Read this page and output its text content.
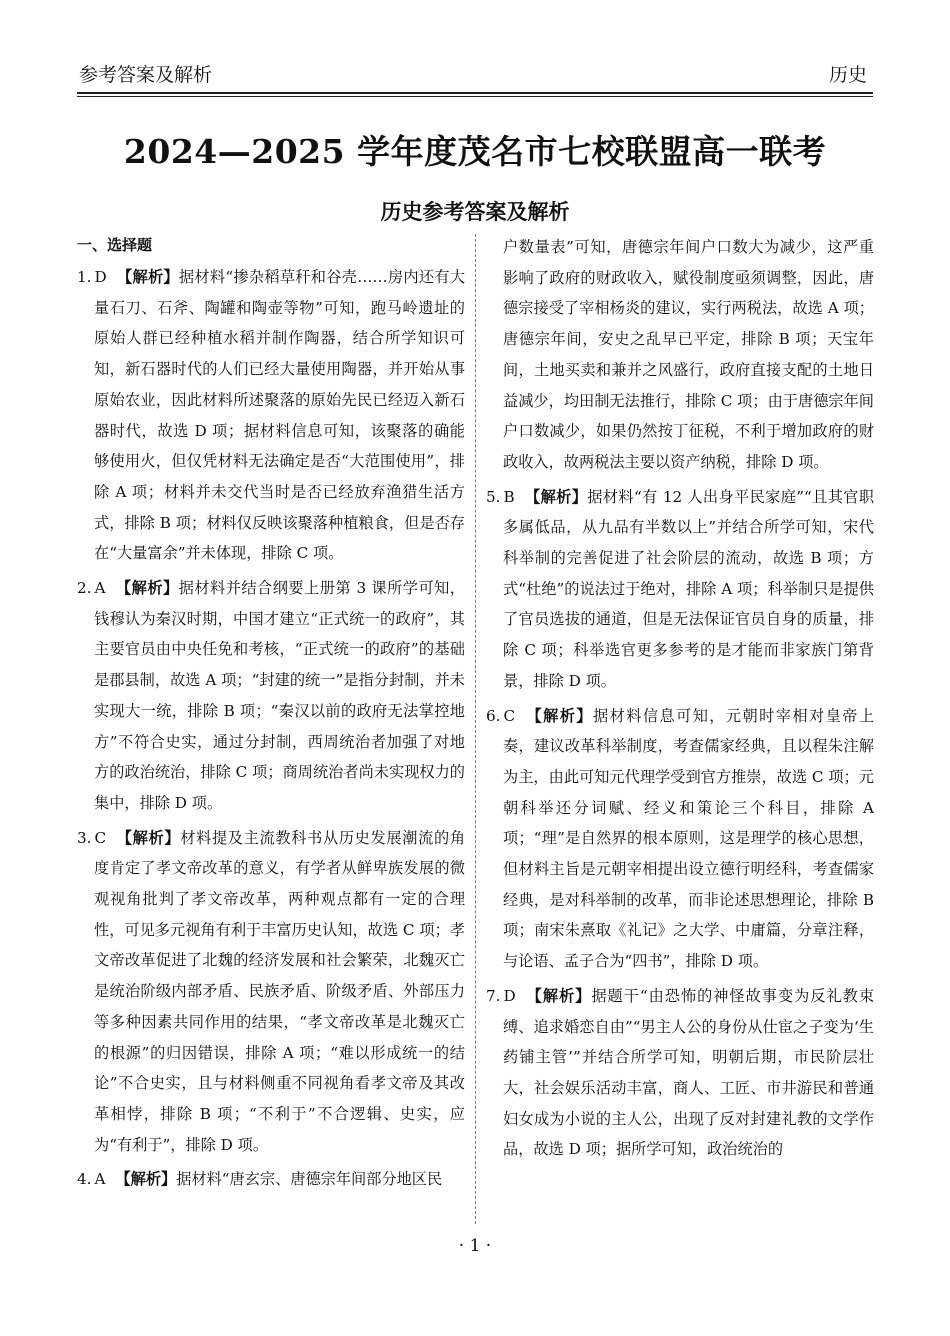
参考答案及解析	历史
2024—2025 学年度茂名市七校联盟高一联考
历史参考答案及解析
一、选择题
1. D 【解析】据材料“掺杂稻草秆和谷壳……房内还有大量石刀、石斧、陶罐和陶壶等物”可知，跑马岭遗址的原始人群已经种植水稻并制作陶器，结合所学知识可知，新石器时代的人们已经大量使用陶器，并开始从事原始农业，因此材料所述聚落的原始先民已经迈入新石器时代，故选 D 项；据材料信息可知，该聚落的确能够使用火，但仅凭材料无法确定是否“大范围使用”，排除 A 项；材料并未交代当时是否已经放弃渔猎生活方式，排除 B 项；材料仅反映该聚落种植粮食，但是否存在“大量富余”并未体现，排除 C 项。
2. A 【解析】据材料并结合纲要上册第 3 课所学可知，钱穆认为秦汉时期，中国才建立“正式统一的政府”，其主要官员由中央任免和考核，“正式统一的政府”的基础是郡县制，故选 A 项；“封建的统一”是指分封制，并未实现大一统，排除 B 项；“秦汉以前的政府无法掌控地方”不符合史实，通过分封制，西周统治者加强了对地方的政治统治，排除 C 项；商周统治者尚未实现权力的集中，排除 D 项。
3. C 【解析】材料提及主流教科书从历史发展潮流的角度肯定了孝文帝改革的意义，有学者从鲜卑族发展的微观视角批判了孝文帝改革，两种观点都有一定的合理性，可见多元视角有利于丰富历史认知，故选 C 项；孝文帝改革促进了北魏的经济发展和社会繁荣，北魏灭亡是统治阶级内部矛盾、民族矛盾、阶级矛盾、外部压力等多种因素共同作用的结果，“孝文帝改革是北魏灭亡的根源”的归因错误，排除 A 项；“难以形成统一的结论”不合史实，且与材料侧重不同视角看孝文帝及其改革相悖，排除 B 项；“不利于”不合逻辑、史实，应为“有利于”，排除 D 项。
4. A 【解析】据材料“唐玄宗、唐德宗年间部分地区民
户数量表”可知，唐德宗年间户口数大为减少，这严重影响了政府的财政收入，赋役制度亟须调整，因此，唐德宗接受了宰相杨炎的建议，实行两税法，故选 A 项；唐德宗年间，安史之乱早已平定，排除 B 项；天宝年间，土地买卖和兼并之风盛行，政府直接支配的土地日益减少，均田制无法推行，排除 C 项；由于唐德宗年间户口数减少，如果仍然按丁征税，不利于增加政府的财政收入，故两税法主要以资产纳税，排除 D 项。
5. B 【解析】据材料“有 12 人出身平民家庭”“且其官职多属低品，从九品有半数以上”并结合所学可知，宋代科举制的完善促进了社会阶层的流动，故选 B 项；方式“杜绝”的说法过于绝对，排除 A 项；科举制只是提供了官员选拔的通道，但是无法保证官员自身的质量，排除 C 项；科举选官更多参考的是才能而非家族门第背景，排除 D 项。
6. C 【解析】据材料信息可知，元朝时宰相对皇帝上奏，建议改革科举制度，考查儒家经典，且以程朱注解为主，由此可知元代理学受到官方推崇，故选 C 项；元朝科举还分词赋、经义和策论三个科目，排除 A 项；“理”是自然界的根本原则，这是理学的核心思想，但材料主旨是元朝宰相提出设立德行明经科，考查儒家经典，是对科举制的改革，而非论述思想理论，排除 B 项；南宋朱熹取《礼记》之大学、中庸篇，分章注释，与论语、孟子合为“四书”，排除 D 项。
7. D 【解析】据题干“由恐怖的神怪故事变为反礼教束缚、追求婚恋自由”“男主人公的身份从仕宦之子变为‘生药铺主管’”并结合所学可知，明朝后期，市民阶层壮大，社会娱乐活动丰富，商人、工匠、市井游民和普通妇女成为小说的主人公，出现了反对封建礼教的文学作品，故选 D 项；据所学可知，政治统治的
· 1 ·
